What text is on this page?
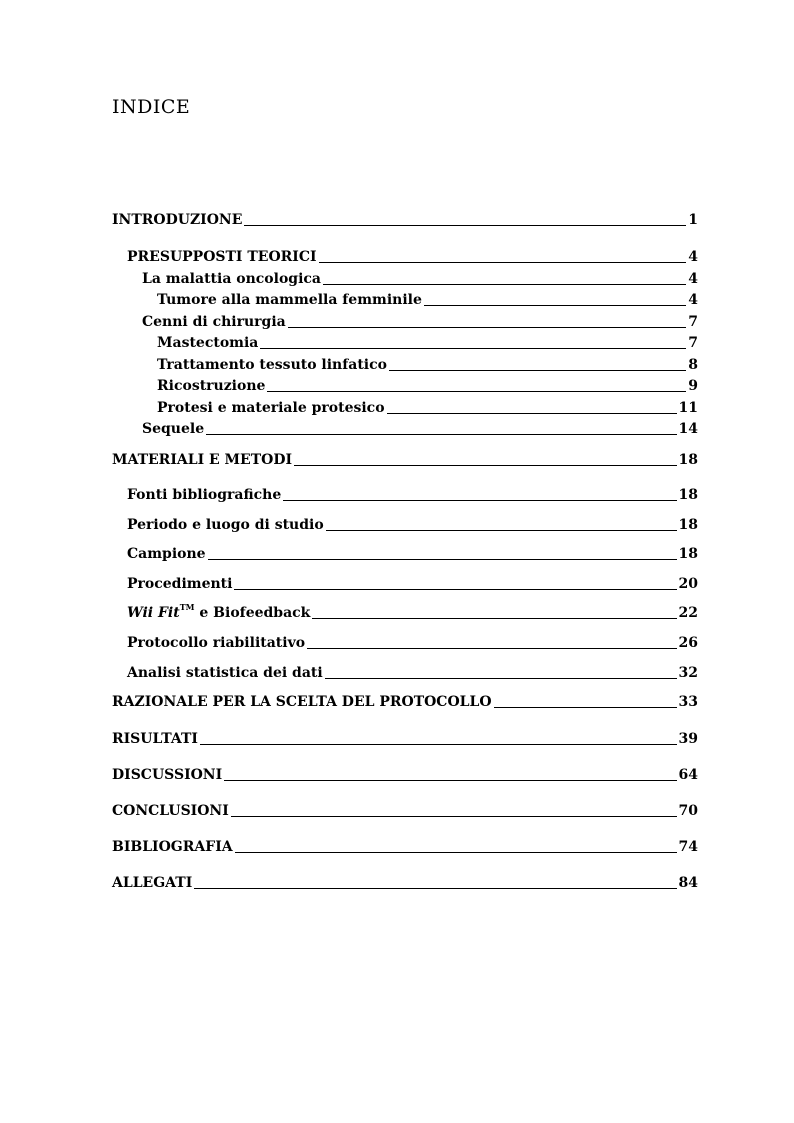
INDICE
INTRODUZIONE	1
PRESUPPOSTI TEORICI	4
La malattia oncologica	4
Tumore alla mammella femminile	4
Cenni di chirurgia	7
Mastectomia	7
Trattamento tessuto linfatico	8
Ricostruzione	9
Protesi e materiale protesico	11
Sequele	14
MATERIALI E METODI	18
Fonti bibliografiche	18
Periodo e luogo di studio	18
Campione	18
Procedimenti	20
Wii Fit™ e Biofeedback	22
Protocollo riabilitativo	26
Analisi statistica dei dati	32
RAZIONALE PER LA SCELTA DEL PROTOCOLLO	33
RISULTATI	39
DISCUSSIONI	64
CONCLUSIONI	70
BIBLIOGRAFIA	74
ALLEGATI	84
